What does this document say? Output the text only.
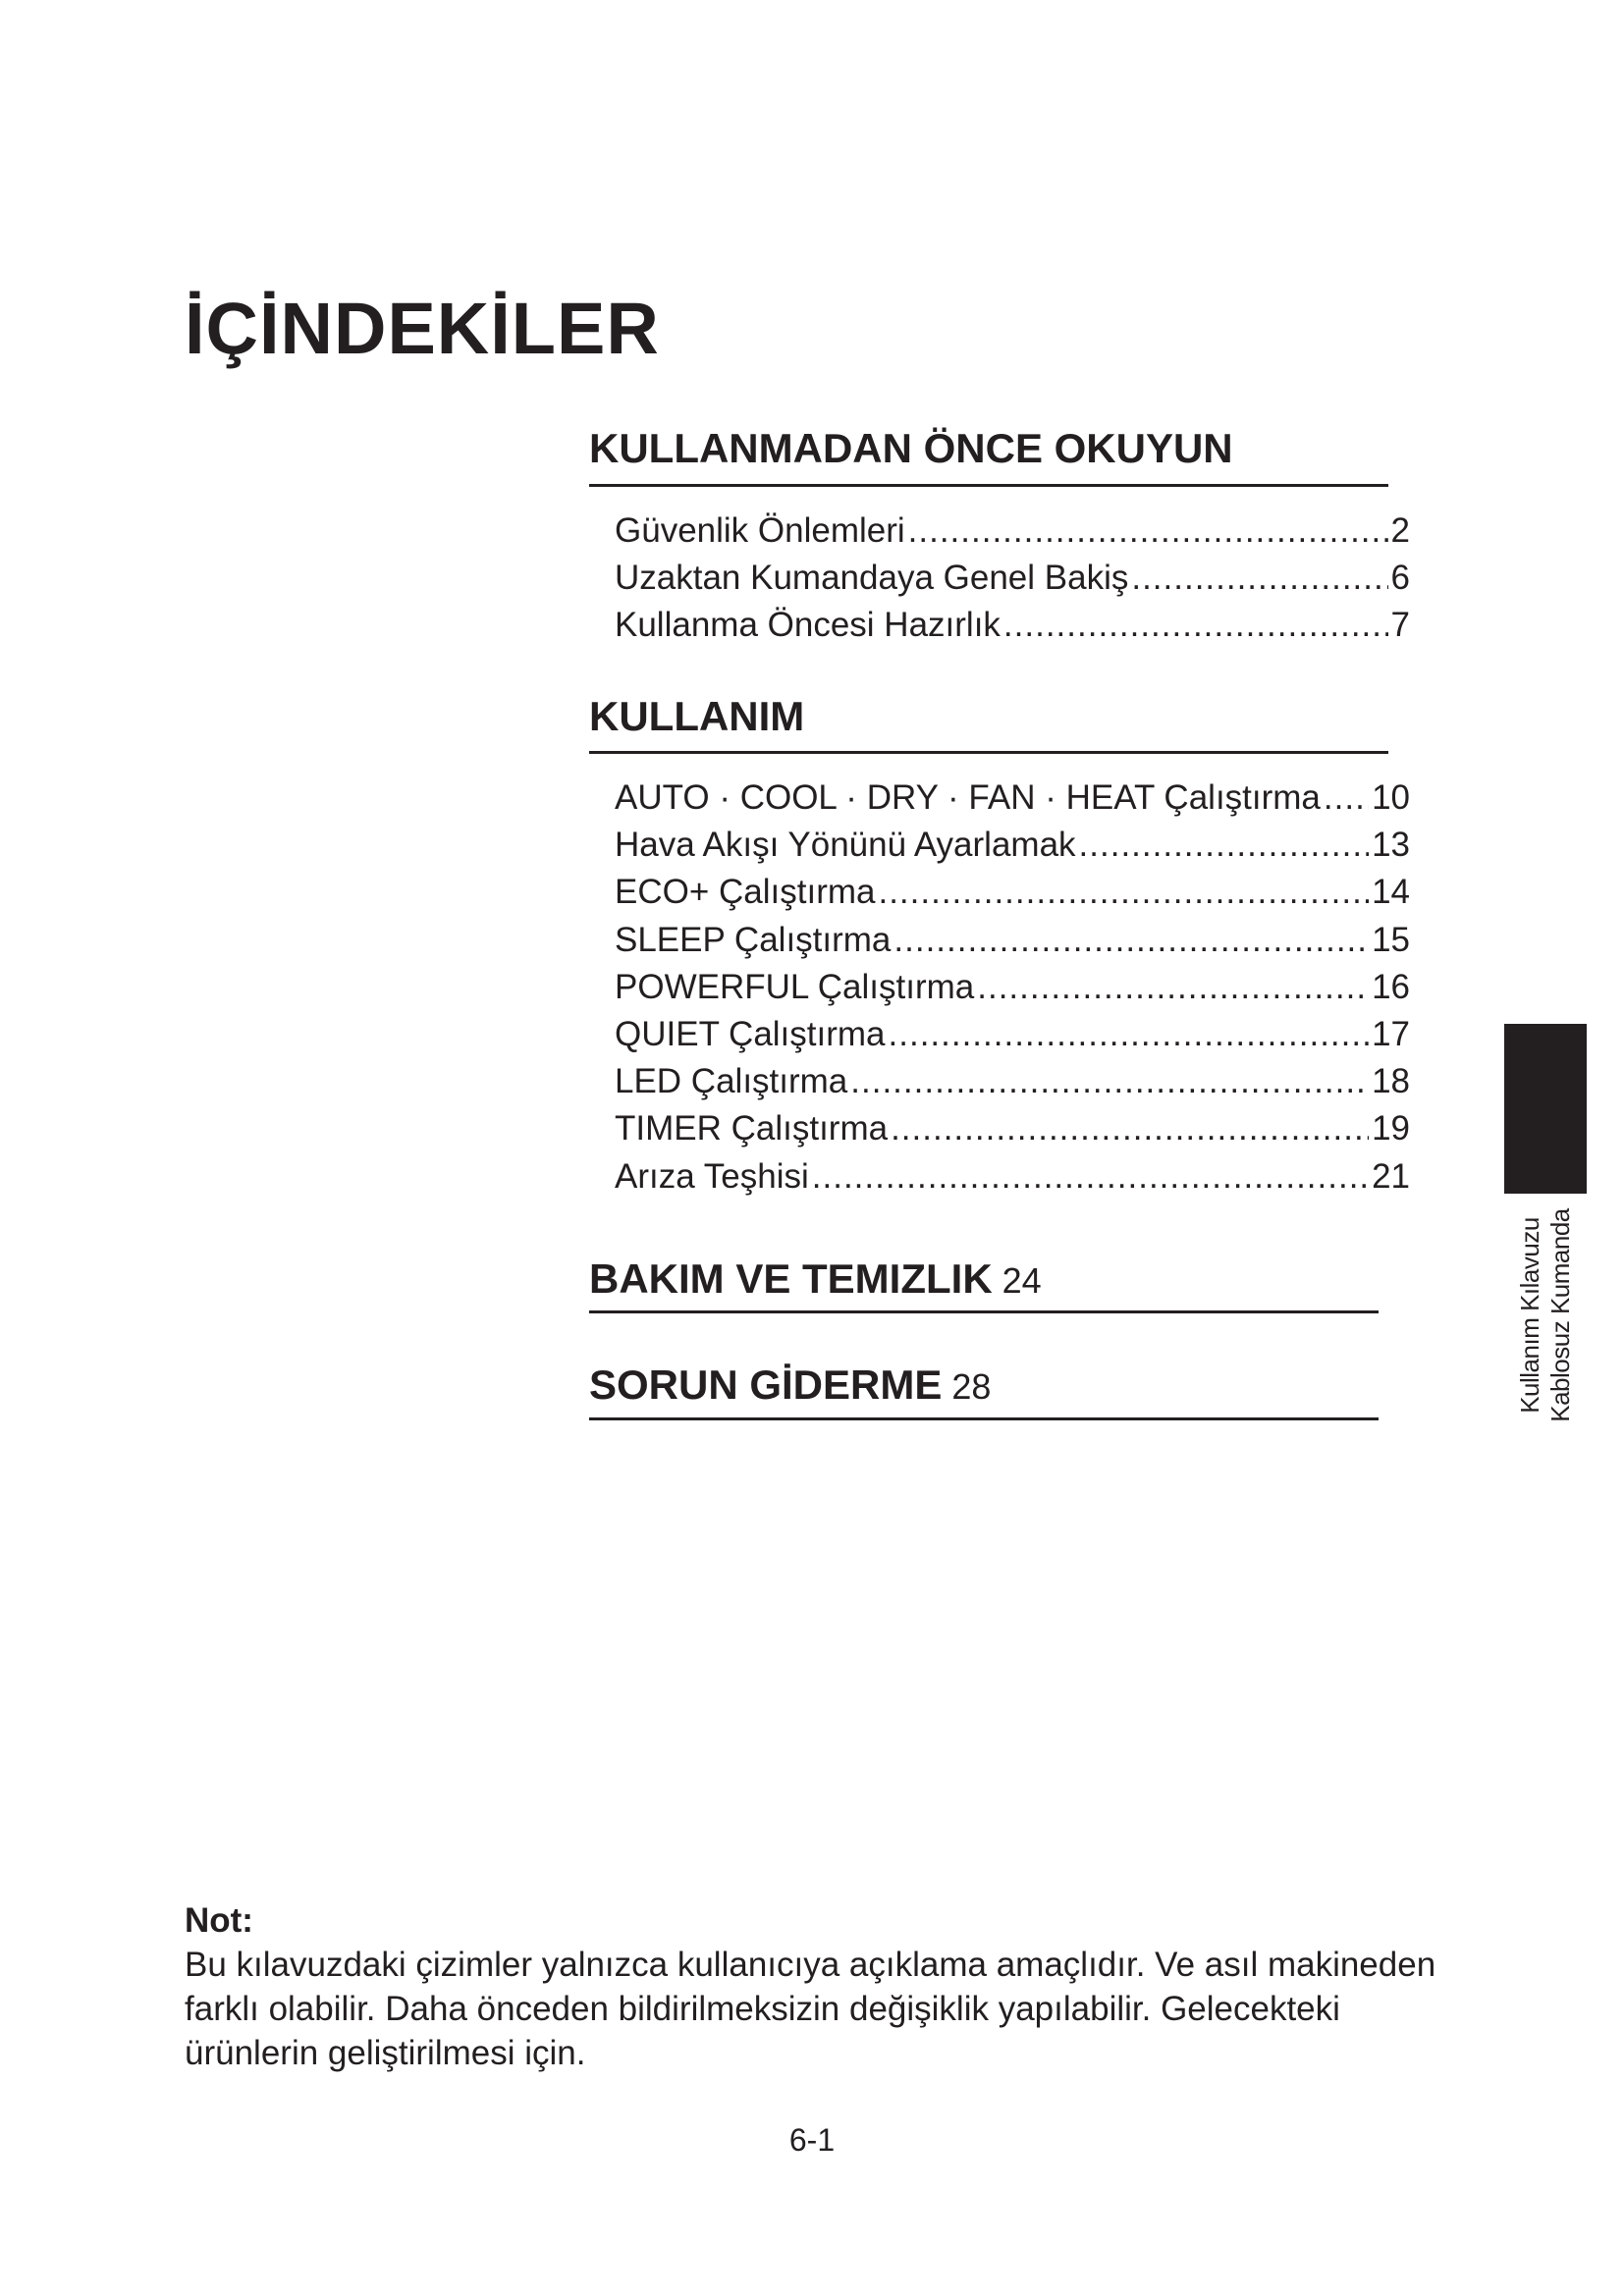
İÇİNDEKİLER
KULLANMADAN ÖNCE OKUYUN
Güvenlik Önlemleri .....	2
Uzaktan Kumandaya Genel Bakiş .....	6
Kullanma Öncesi Hazırlık .....	7
KULLANIM
AUTO · COOL · DRY · FAN · HEAT Çalıştırma ..... 10
Hava Akışı Yönünü Ayarlamak .....	13
ECO+ Çalıştırma .....	14
SLEEP Çalıştırma .....	15
POWERFUL Çalıştırma .....	16
QUIET Çalıştırma .....	17
LED Çalıştırma .....	18
TIMER Çalıştırma .....	19
Arıza Teşhisi .....	21
BAKIM VE TEMIZLIK 24
SORUN GİDERME 28	Kullanım Kılavuzu Kablosuz Kumanda
Not:
Bu kılavuzdaki çizimler yalnızca kullanıcıya açıklama amaçlıdır. Ve asıl makineden farklı olabilir. Daha önceden bildirilmeksizin değişiklik yapılabilir. Gelecekteki ürünlerin geliştirilmesi için.
6-1
